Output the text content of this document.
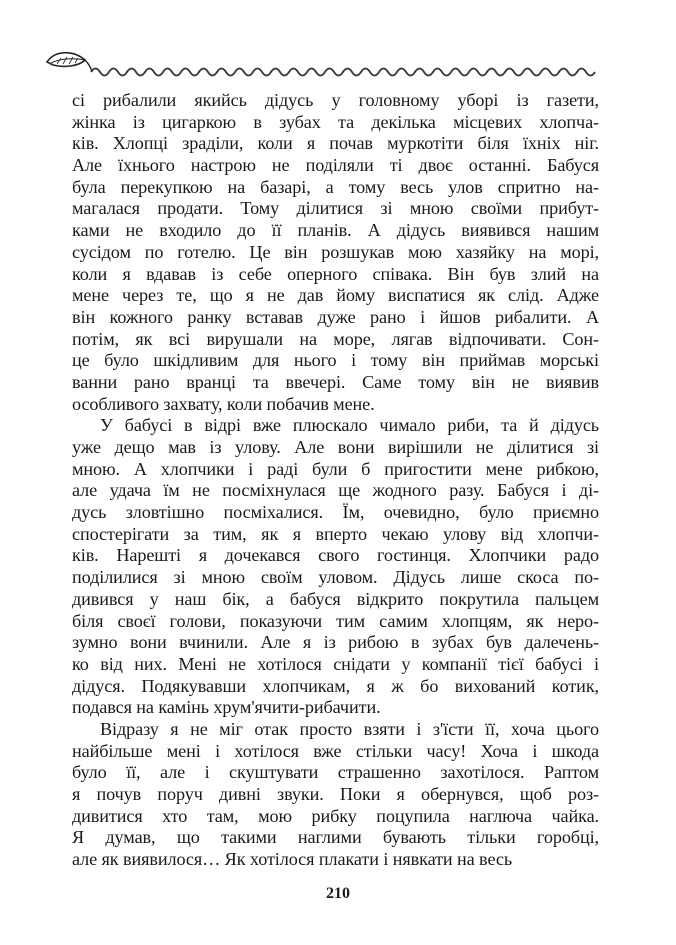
сі рибалили якийсь дідусь у головному уборі із газети,
жінка із цигаркою в зубах та декілька місцевих хлопча-
ків. Хлопці зраділи, коли я почав муркотіти біля їхніх ніг.
Але їхнього настрою не поділяли ті двоє останні. Бабуся
була перекупкою на базарі, а тому весь улов спритно на-
магалася продати. Тому ділитися зі мною своїми прибут-
ками не входило до її планів. А дідусь виявився нашим
сусідом по готелю. Це він розшукав мою хазяйку на морі,
коли я вдавав із себе оперного співака. Він був злий на
мене через те, що я не дав йому виспатися як слід. Адже
він кожного ранку вставав дуже рано і йшов рибалити. А
потім, як всі вирушали на море, лягав відпочивати. Сон-
це було шкідливим для нього і тому він приймав морські
ванни рано вранці та ввечері. Саме тому він не виявив
особливого захвату, коли побачив мене.
У бабусі в відрі вже плюскало чимало риби, та й дідусь
уже дещо мав із улову. Але вони вирішили не ділитися зі
мною. А хлопчики і раді були б пригостити мене рибкою,
але удача їм не посміхнулася ще жодного разу. Бабуся і ді-
дусь зловтішно посміхалися. Їм, очевидно, було приємно
спостерігати за тим, як я вперто чекаю улову від хлопчи-
ків. Нарешті я дочекався свого гостинця. Хлопчики радо
поділилися зі мною своїм уловом. Дідусь лише скоса по-
дивився у наш бік, а бабуся відкрито покрутила пальцем
біля своєї голови, показуючи тим самим хлопцям, як неро-
зумно вони вчинили. Але я із рибою в зубах був далечень-
ко від них. Мені не хотілося снідати у компанії тієї бабусі і
дідуся. Подякувавши хлопчикам, я ж бо вихований котик,
подався на камінь хрум'ячити-рибачити.
Відразу я не міг отак просто взяти і з'їсти її, хоча цього
найбільше мені і хотілося вже стільки часу! Хоча і шкода
було її, але і скуштувати страшенно захотілося. Раптом
я почув поруч дивні звуки. Поки я обернувся, щоб роз-
дивитися хто там, мою рибку поцупила наглюча чайка.
Я думав, що такими наглими бувають тільки горобці,
але як виявилося… Як хотілося плакати і нявкати на весь
210
